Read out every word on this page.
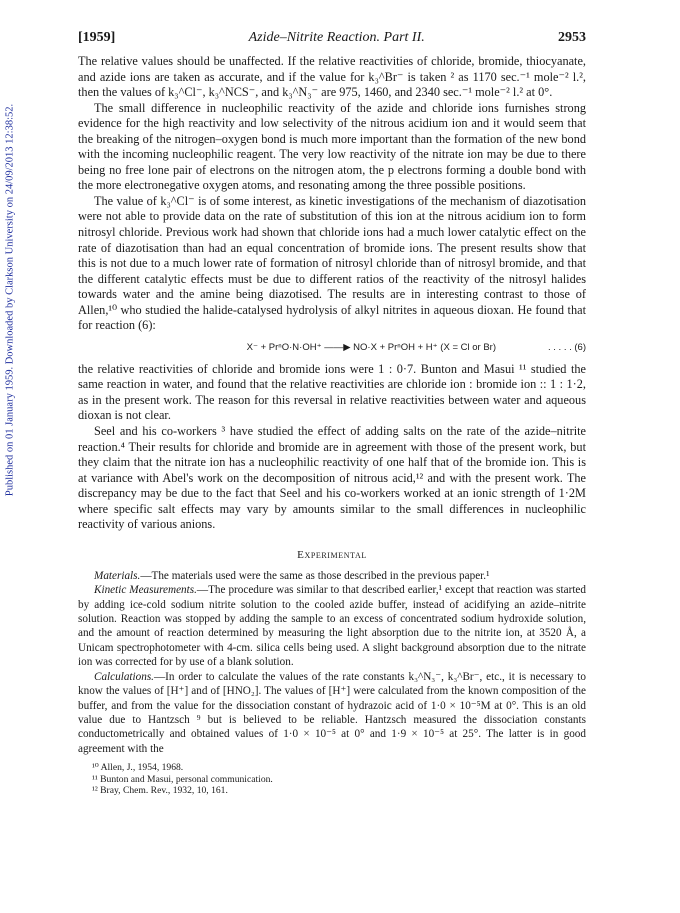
Published on 01 January 1959. Downloaded by Clarkson University on 24/09/2013 12:38:52.
[1959]	Azide–Nitrite Reaction. Part II.	2953

The relative values should be unaffected. If the relative reactivities of chloride, bromide, thiocyanate, and azide ions are taken as accurate, and if the value for k₃^Br⁻ is taken ² as 1170 sec.⁻¹ mole⁻² l.², then the values of k₃^Cl⁻, k₃^NCS⁻, and k₃^N₃⁻ are 975, 1460, and 2340 sec.⁻¹ mole⁻² l.² at 0°.

The small difference in nucleophilic reactivity of the azide and chloride ions furnishes strong evidence for the high reactivity and low selectivity of the nitrous acidium ion and it would seem that the breaking of the nitrogen–oxygen bond is much more important than the formation of the new bond with the incoming nucleophilic reagent. The very low reactivity of the nitrate ion may be due to there being no free lone pair of electrons on the nitrogen atom, the p electrons forming a double bond with the more electronegative oxygen atoms, and resonating among the three possible positions.

The value of k₃^Cl⁻ is of some interest, as kinetic investigations of the mechanism of diazotisation were not able to provide data on the rate of substitution of this ion at the nitrous acidium ion to form nitrosyl chloride. Previous work had shown that chloride ions had a much lower catalytic effect on the rate of diazotisation than had an equal concentration of bromide ions. The present results show that this is not due to a much lower rate of formation of nitrosyl chloride than of nitrosyl bromide, and that the different catalytic effects must be due to different ratios of the reactivity of the nitrosyl halides towards water and the amine being diazotised. The results are in interesting contrast to those of Allen,¹⁰ who studied the halide-catalysed hydrolysis of alkyl nitrites in aqueous dioxan. He found that for reaction (6):

X⁻ + PrⁿO·N·OH⁺ ——▶ NO·X + PrⁿOH + H⁺ (X = Cl or Br)	. . . . . (6)

the relative reactivities of chloride and bromide ions were 1 : 0·7. Bunton and Masui ¹¹ studied the same reaction in water, and found that the relative reactivities are chloride ion : bromide ion :: 1 : 1·2, as in the present work. The reason for this reversal in relative reactivities between water and aqueous dioxan is not clear.

Seel and his co-workers ³ have studied the effect of adding salts on the rate of the azide–nitrite reaction.⁴ Their results for chloride and bromide are in agreement with those of the present work, but they claim that the nitrate ion has a nucleophilic reactivity of one half that of the bromide ion. This is at variance with Abel's work on the decomposition of nitrous acid,¹² and with the present work. The discrepancy may be due to the fact that Seel and his co-workers worked at an ionic strength of 1·2M where specific salt effects may vary by amounts similar to the small differences in nucleophilic reactivity of various anions.

Experimental

Materials.—The materials used were the same as those described in the previous paper.¹

Kinetic Measurements.—The procedure was similar to that described earlier,¹ except that reaction was started by adding ice-cold sodium nitrite solution to the cooled azide buffer, instead of acidifying an azide–nitrite solution. Reaction was stopped by adding the sample to an excess of concentrated sodium hydroxide solution, and the amount of reaction determined by measuring the light absorption due to the nitrite ion, at 3520 Å, a Unicam spectrophotometer with 4-cm. silica cells being used. A slight background absorption due to the nitrate ion was corrected for by use of a blank solution.

Calculations.—In order to calculate the values of the rate constants k₃^N₃⁻, k₃^Br⁻, etc., it is necessary to know the values of [H⁺] and of [HNO₂]. The values of [H⁺] were calculated from the known composition of the buffer, and from the value for the dissociation constant of hydrazoic acid of 1·0 × 10⁻⁵M at 0°. This is an old value due to Hantzsch ⁹ but is believed to be reliable. Hantzsch measured the dissociation constants conductometrically and obtained values of 1·0 × 10⁻⁵ at 0° and 1·9 × 10⁻⁵ at 25°. The latter is in good agreement with the

¹⁰ Allen, J., 1954, 1968.
¹¹ Bunton and Masui, personal communication.
¹² Bray, Chem. Rev., 1932, 10, 161.
